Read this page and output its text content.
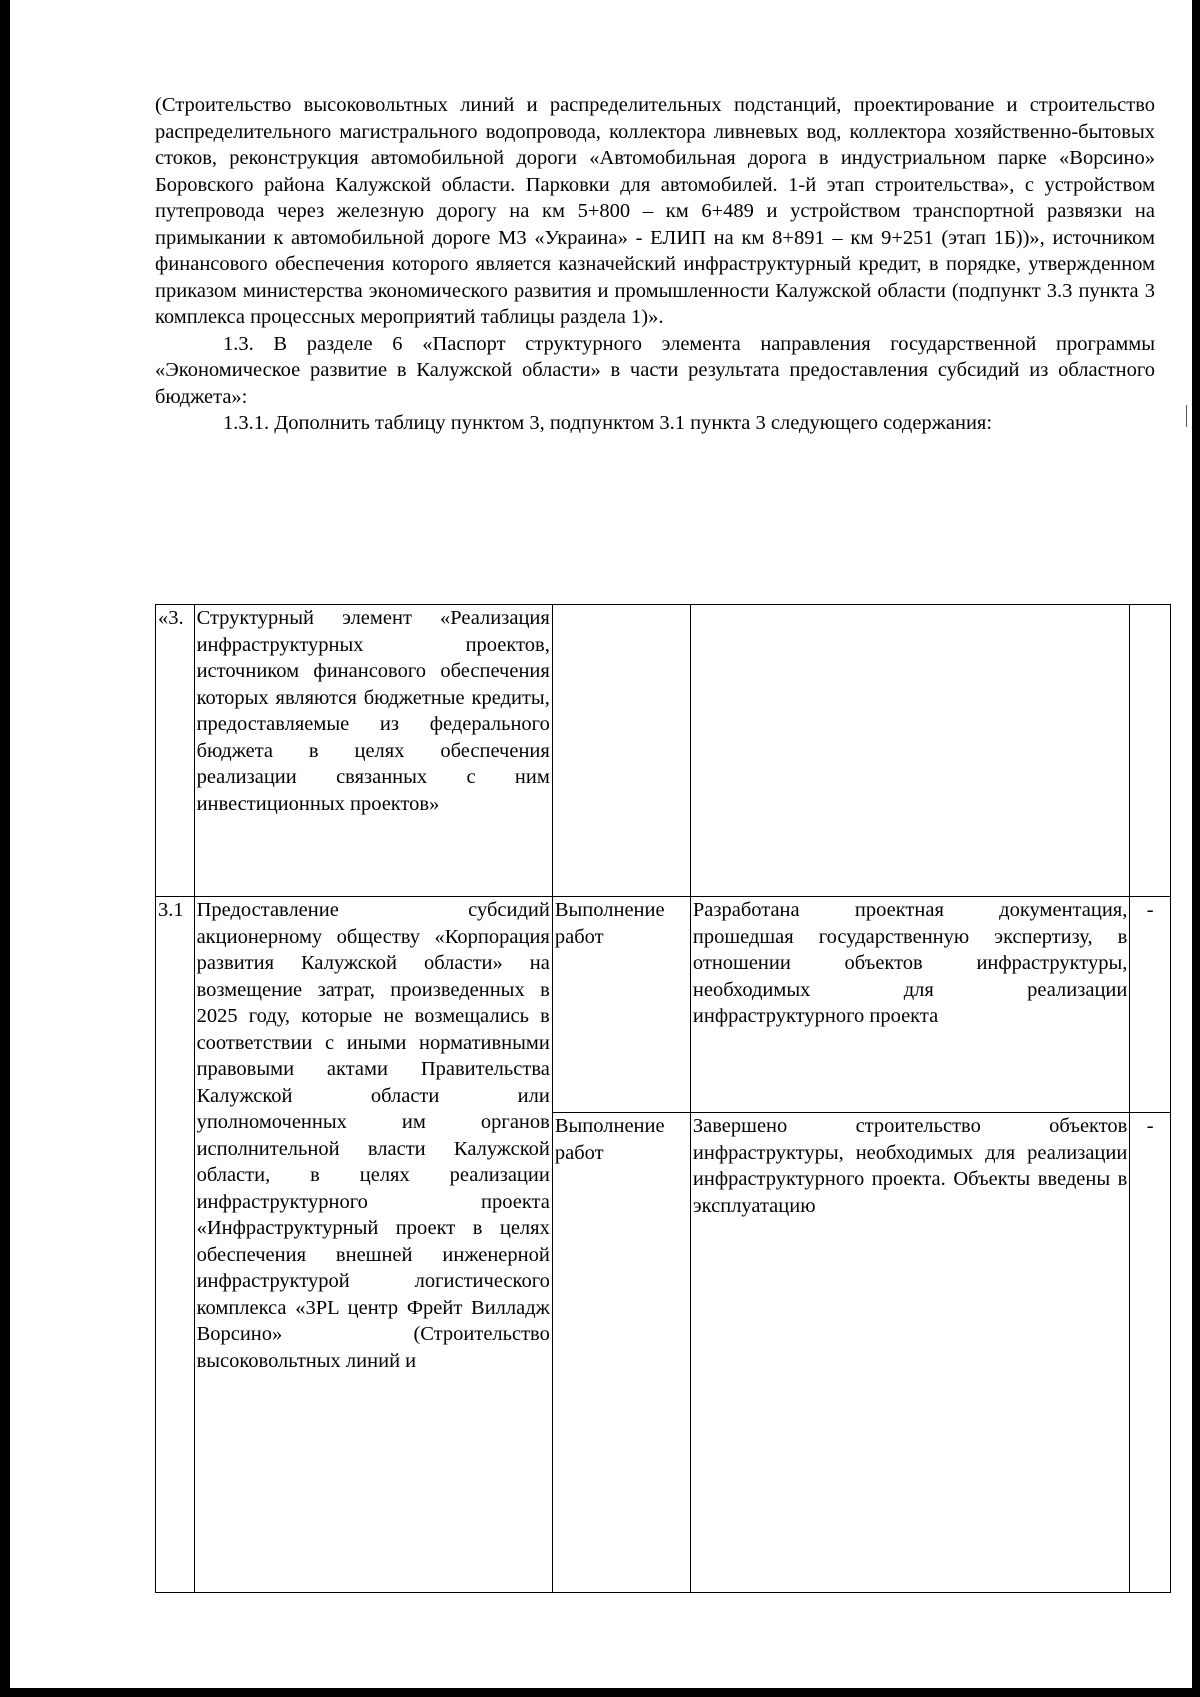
(Строительство высоковольтных линий и распределительных подстанций, проектирование и строительство распределительного магистрального водопровода, коллектора ливневых вод, коллектора хозяйственно-бытовых стоков, реконструкция автомобильной дороги «Автомобильная дорога в индустриальном парке «Ворсино» Боровского района Калужской области. Парковки для автомобилей. 1-й этап строительства», с устройством путепровода через железную дорогу на км 5+800 – км 6+489 и устройством транспортной развязки на примыкании к автомобильной дороге М3 «Украина» - ЕЛИП на км 8+891 – км 9+251 (этап 1Б))», источником финансового обеспечения которого является казначейский инфраструктурный кредит, в порядке, утвержденном приказом министерства экономического развития и промышленности Калужской области (подпункт 3.3 пункта 3 комплекса процессных мероприятий таблицы раздела 1)».

1.3. В разделе 6 «Паспорт структурного элемента направления государственной программы «Экономическое развитие в Калужской области» в части результата предоставления субсидий из областного бюджета»:

1.3.1. Дополнить таблицу пунктом 3, подпунктом 3.1 пункта 3 следующего содержания:

«3.	Структурный элемент «Реализация инфраструктурных проектов, источником финансового обеспечения которых являются бюджетные кредиты, предоставляемые из федерального бюджета в целях обеспечения реализации связанных с ним инвестиционных проектов»			
3.1	Предоставление субсидий акционерному обществу «Корпорация развития Калужской области» на возмещение затрат, произведенных в 2025 году, которые не возмещались в соответствии с иными нормативными правовыми актами Правительства Калужской области или уполномоченных им органов исполнительной власти Калужской области, в целях реализации инфраструктурного проекта «Инфраструктурный проект в целях обеспечения внешней инженерной инфраструктурой логистического комплекса «3PL центр Фрейт Вилладж Ворсино» (Строительство высоковольтных линий и	Выполнение работ	Разработана проектная документация, прошедшая государственную экспертизу, в отношении объектов инфраструктуры, необходимых для реализации инфраструктурного проекта	-
		Выполнение работ	Завершено строительство объектов инфраструктуры, необходимых для реализации инфраструктурного проекта. Объекты введены в эксплуатацию	-
